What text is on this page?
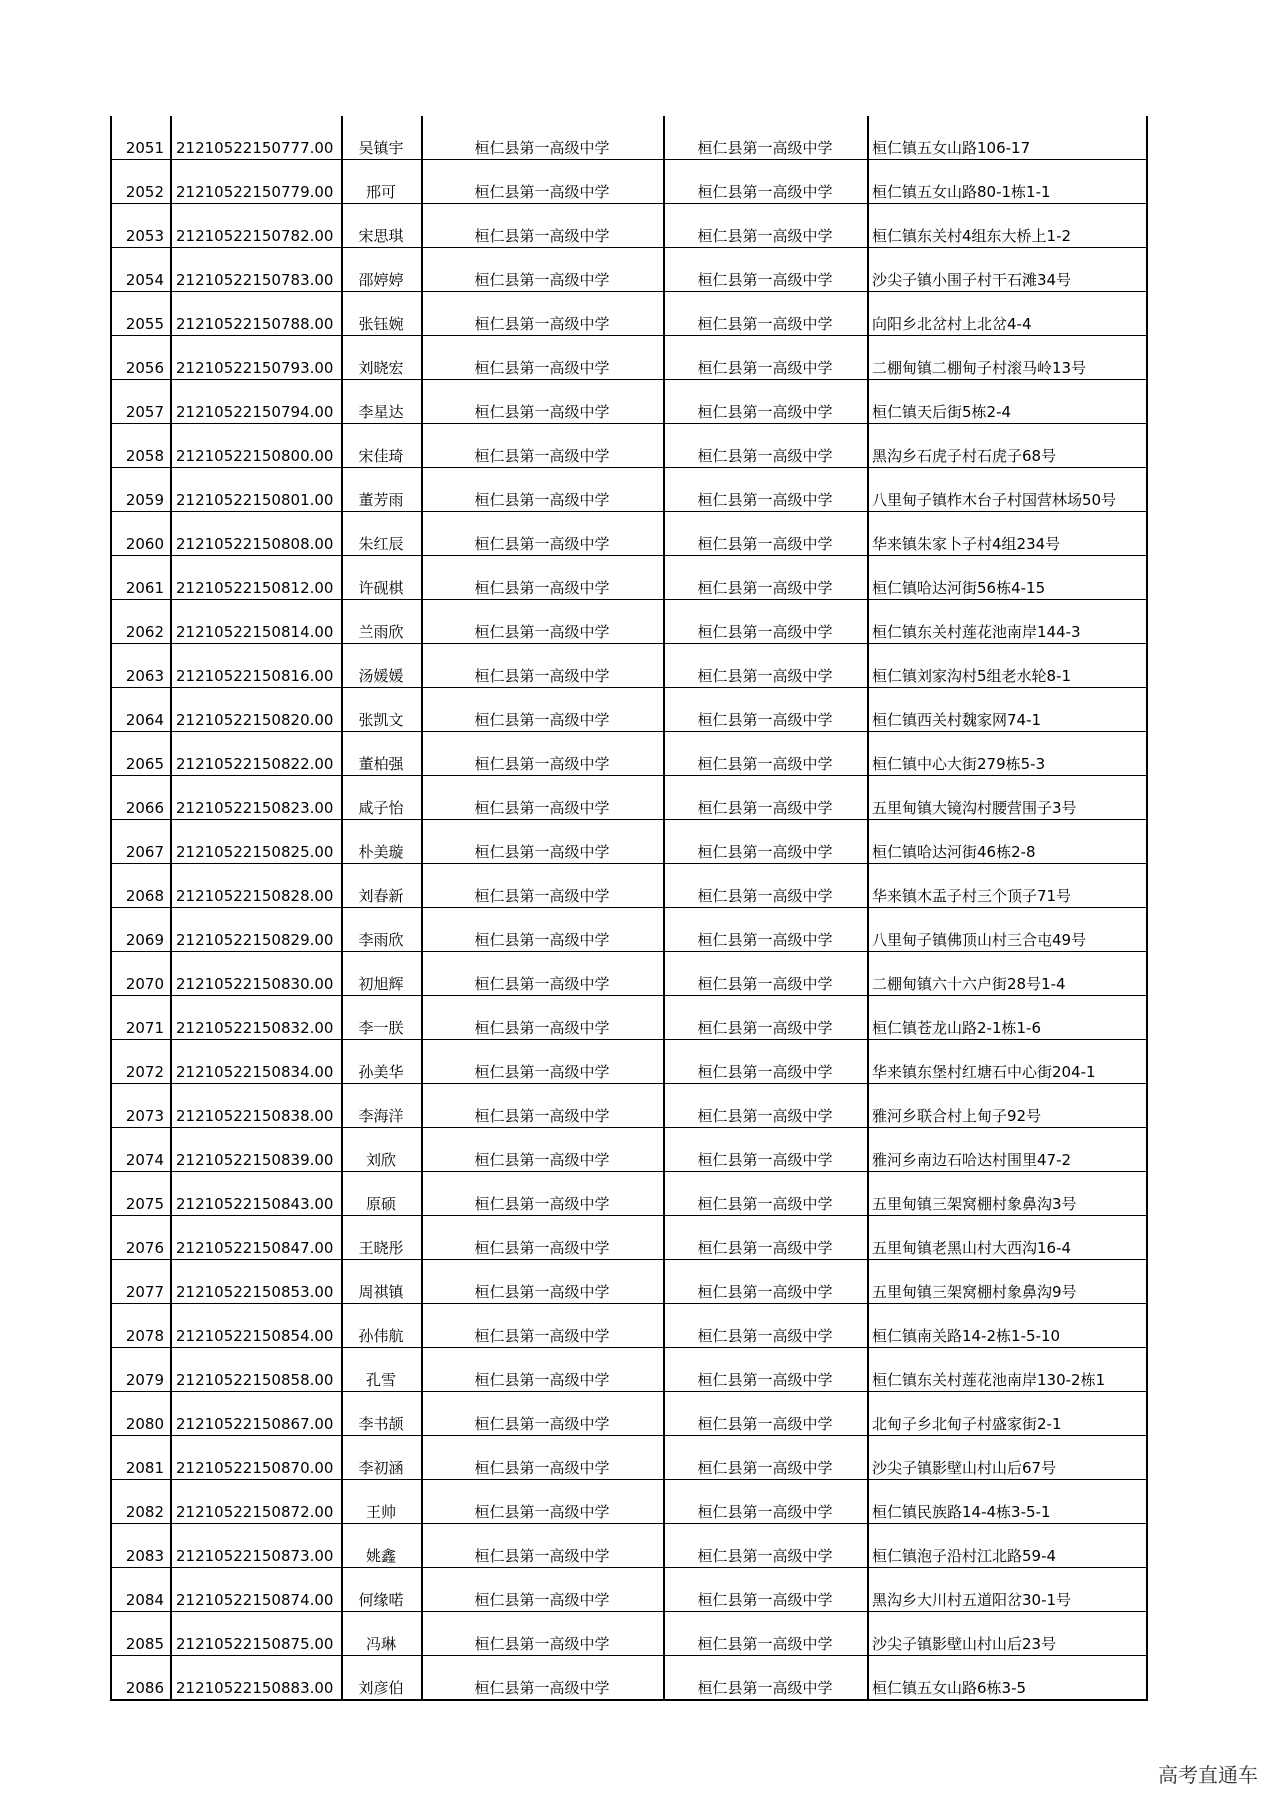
2051	21210522150777.00	吴镇宇	桓仁县第一高级中学	桓仁县第一高级中学	桓仁镇五女山路106-17
2052	21210522150779.00	邢可	桓仁县第一高级中学	桓仁县第一高级中学	桓仁镇五女山路80-1栋1-1
2053	21210522150782.00	宋思琪	桓仁县第一高级中学	桓仁县第一高级中学	桓仁镇东关村4组东大桥上1-2
2054	21210522150783.00	邵婷婷	桓仁县第一高级中学	桓仁县第一高级中学	沙尖子镇小围子村干石滩34号
2055	21210522150788.00	张钰婉	桓仁县第一高级中学	桓仁县第一高级中学	向阳乡北岔村上北岔4-4
2056	21210522150793.00	刘晓宏	桓仁县第一高级中学	桓仁县第一高级中学	二棚甸镇二棚甸子村滚马岭13号
2057	21210522150794.00	李星达	桓仁县第一高级中学	桓仁县第一高级中学	桓仁镇天后街5栋2-4
2058	21210522150800.00	宋佳琦	桓仁县第一高级中学	桓仁县第一高级中学	黑沟乡石虎子村石虎子68号
2059	21210522150801.00	董芳雨	桓仁县第一高级中学	桓仁县第一高级中学	八里甸子镇柞木台子村国营林场50号
2060	21210522150808.00	朱红辰	桓仁县第一高级中学	桓仁县第一高级中学	华来镇朱家卜子村4组234号
2061	21210522150812.00	许砚棋	桓仁县第一高级中学	桓仁县第一高级中学	桓仁镇哈达河街56栋4-15
2062	21210522150814.00	兰雨欣	桓仁县第一高级中学	桓仁县第一高级中学	桓仁镇东关村莲花池南岸144-3
2063	21210522150816.00	汤媛媛	桓仁县第一高级中学	桓仁县第一高级中学	桓仁镇刘家沟村5组老水轮8-1
2064	21210522150820.00	张凯文	桓仁县第一高级中学	桓仁县第一高级中学	桓仁镇西关村魏家网74-1
2065	21210522150822.00	董柏强	桓仁县第一高级中学	桓仁县第一高级中学	桓仁镇中心大街279栋5-3
2066	21210522150823.00	咸子怡	桓仁县第一高级中学	桓仁县第一高级中学	五里甸镇大镜沟村腰营围子3号
2067	21210522150825.00	朴美璇	桓仁县第一高级中学	桓仁县第一高级中学	桓仁镇哈达河街46栋2-8
2068	21210522150828.00	刘春新	桓仁县第一高级中学	桓仁县第一高级中学	华来镇木盂子村三个顶子71号
2069	21210522150829.00	李雨欣	桓仁县第一高级中学	桓仁县第一高级中学	八里甸子镇佛顶山村三合屯49号
2070	21210522150830.00	初旭辉	桓仁县第一高级中学	桓仁县第一高级中学	二棚甸镇六十六户街28号1-4
2071	21210522150832.00	李一朕	桓仁县第一高级中学	桓仁县第一高级中学	桓仁镇苍龙山路2-1栋1-6
2072	21210522150834.00	孙美华	桓仁县第一高级中学	桓仁县第一高级中学	华来镇东堡村红塘石中心街204-1
2073	21210522150838.00	李海洋	桓仁县第一高级中学	桓仁县第一高级中学	雅河乡联合村上甸子92号
2074	21210522150839.00	刘欣	桓仁县第一高级中学	桓仁县第一高级中学	雅河乡南边石哈达村围里47-2
2075	21210522150843.00	原硕	桓仁县第一高级中学	桓仁县第一高级中学	五里甸镇三架窝棚村象鼻沟3号
2076	21210522150847.00	王晓彤	桓仁县第一高级中学	桓仁县第一高级中学	五里甸镇老黑山村大西沟16-4
2077	21210522150853.00	周祺镇	桓仁县第一高级中学	桓仁县第一高级中学	五里甸镇三架窝棚村象鼻沟9号
2078	21210522150854.00	孙伟航	桓仁县第一高级中学	桓仁县第一高级中学	桓仁镇南关路14-2栋1-5-10
2079	21210522150858.00	孔雪	桓仁县第一高级中学	桓仁县第一高级中学	桓仁镇东关村莲花池南岸130-2栋1
2080	21210522150867.00	李书颉	桓仁县第一高级中学	桓仁县第一高级中学	北甸子乡北甸子村盛家街2-1
2081	21210522150870.00	李初涵	桓仁县第一高级中学	桓仁县第一高级中学	沙尖子镇影壁山村山后67号
2082	21210522150872.00	王帅	桓仁县第一高级中学	桓仁县第一高级中学	桓仁镇民族路14-4栋3-5-1
2083	21210522150873.00	姚鑫	桓仁县第一高级中学	桓仁县第一高级中学	桓仁镇泡子沿村江北路59-4
2084	21210522150874.00	何缘喏	桓仁县第一高级中学	桓仁县第一高级中学	黑沟乡大川村五道阳岔30-1号
2085	21210522150875.00	冯琳	桓仁县第一高级中学	桓仁县第一高级中学	沙尖子镇影壁山村山后23号
2086	21210522150883.00	刘彦伯	桓仁县第一高级中学	桓仁县第一高级中学	桓仁镇五女山路6栋3-5
高考直通车
